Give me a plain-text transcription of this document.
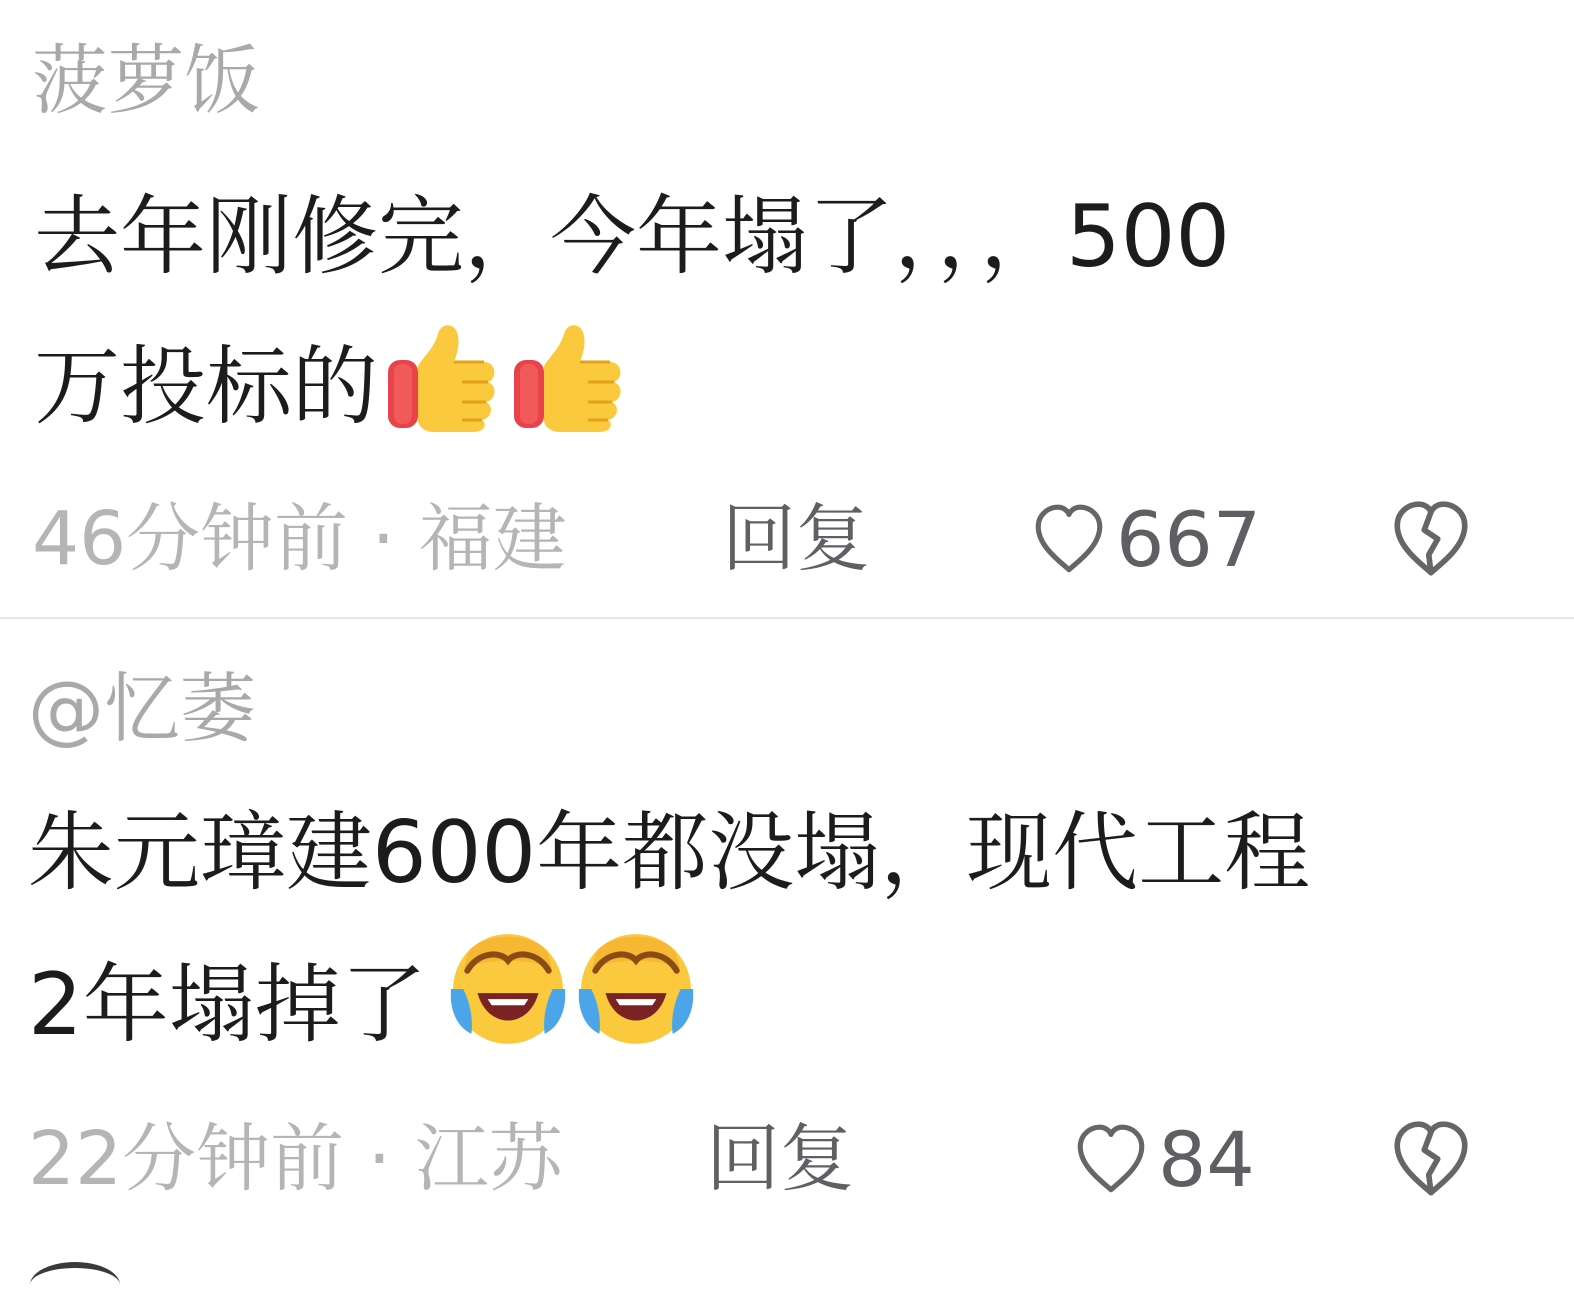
菠萝饭
去年刚修完，今年塌了，，，500
万投标的
46分钟前 · 福建 回复	667
@忆萎
朱元璋建600年都没塌，现代工程
2年塌掉了
22分钟前 · 江苏 回复	84
